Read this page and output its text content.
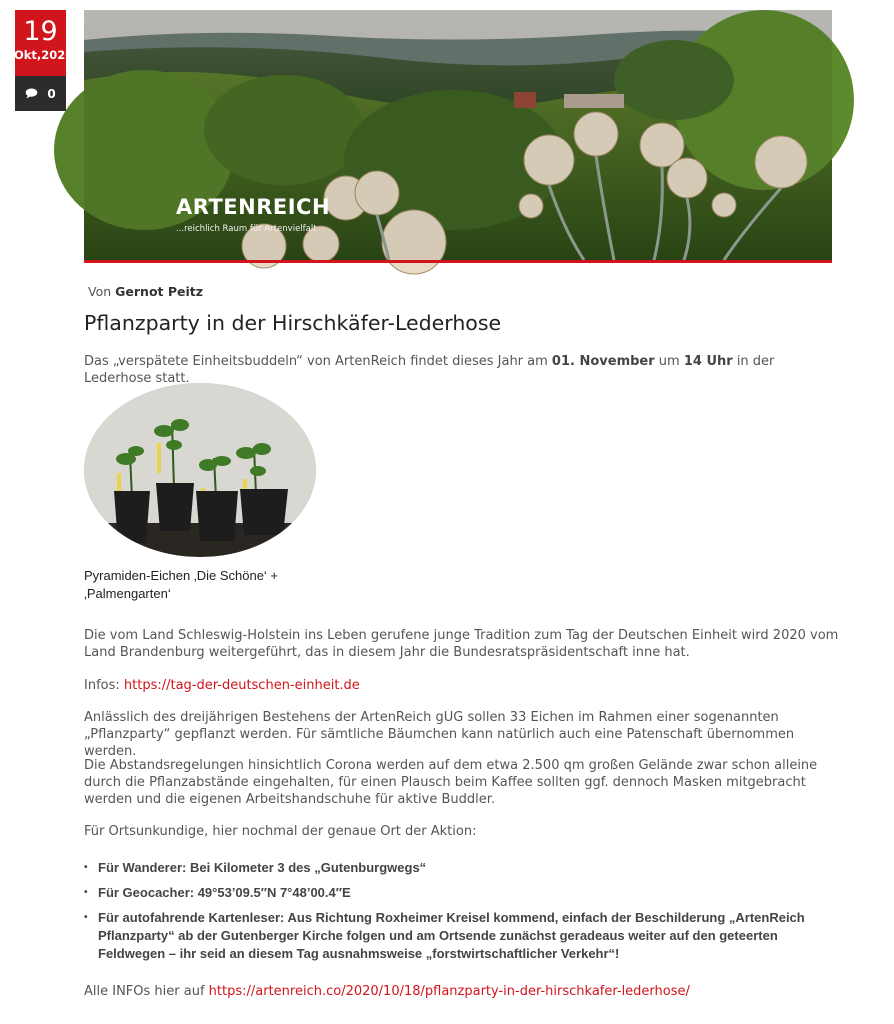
19
Okt,2020
0
ARTENREICH
...reichlich Raum für Artenvielfalt
Von Gernot Peitz
Pflanzparty in der Hirschkäfer-Lederhose

Das „verspätete Einheitsbuddeln“ von ArtenReich findet dieses Jahr am 01. November um 14 Uhr in der Lederhose statt.

Pyramiden-Eichen ‚Die Schöne‘ + ‚Palmengarten‘

Die vom Land Schleswig-Holstein ins Leben gerufene junge Tradition zum Tag der Deutschen Einheit wird 2020 vom Land Brandenburg weitergeführt, das in diesem Jahr die Bundesratspräsidentschaft inne hat.

Infos: https://tag-der-deutschen-einheit.de

Anlässlich des dreijährigen Bestehens der ArtenReich gUG sollen 33 Eichen im Rahmen einer sogenannten „Pflanzparty“ gepflanzt werden. Für sämtliche Bäumchen kann natürlich auch eine Patenschaft übernommen werden.

Die Abstandsregelungen hinsichtlich Corona werden auf dem etwa 2.500 qm großen Gelände zwar schon alleine durch die Pflanzabstände eingehalten, für einen Plausch beim Kaffee sollten ggf. dennoch Masken mitgebracht werden und die eigenen Arbeitshandschuhe für aktive Buddler.

Für Ortsunkundige, hier nochmal der genaue Ort der Aktion:

• Für Wanderer: Bei Kilometer 3 des „Gutenburgwegs“
• Für Geocacher: 49°53’09.5″N 7°48’00.4″E
• Für autofahrende Kartenleser: Aus Richtung Roxheimer Kreisel kommend, einfach der Beschilderung „ArtenReich Pflanzparty“ ab der Gutenberger Kirche folgen und am Ortsende zunächst geradeaus weiter auf den geteerten Feldwegen – ihr seid an diesem Tag ausnahmsweise „forstwirtschaftlicher Verkehr“!

Alle INFOs hier auf https://artenreich.co/2020/10/18/pflanzparty-in-der-hirschkafer-lederhose/
